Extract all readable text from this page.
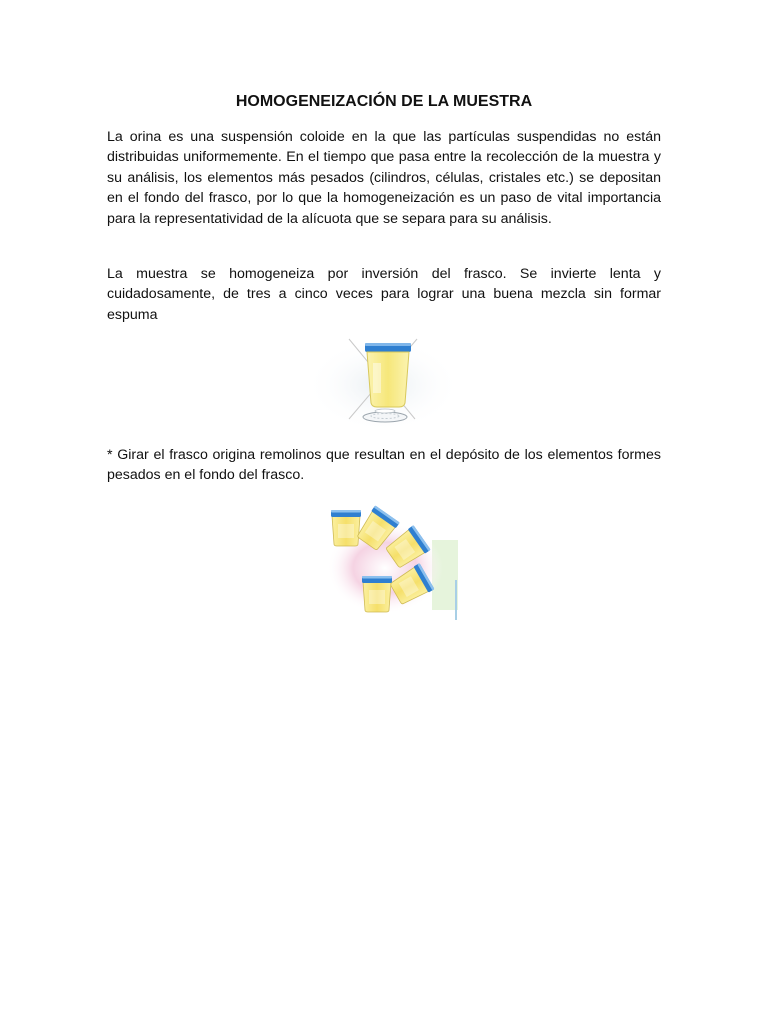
HOMOGENEIZACIÓN DE LA MUESTRA

La orina es una suspensión coloide en la que las partículas suspendidas no están distribuidas uniformemente. En el tiempo que pasa entre la recolección de la muestra y su análisis, los elementos más pesados (cilindros, células, cristales etc.) se depositan en el fondo del frasco, por lo que la homogeneización es un paso de vital importancia para la representatividad de la alícuota que se separa para su análisis.

La muestra se homogeneiza por inversión del frasco. Se invierte lenta y cuidadosamente, de tres a cinco veces para lograr una buena mezcla sin formar espuma

* Girar el frasco origina remolinos que resultan en el depósito de los elementos formes pesados en el fondo del frasco.
